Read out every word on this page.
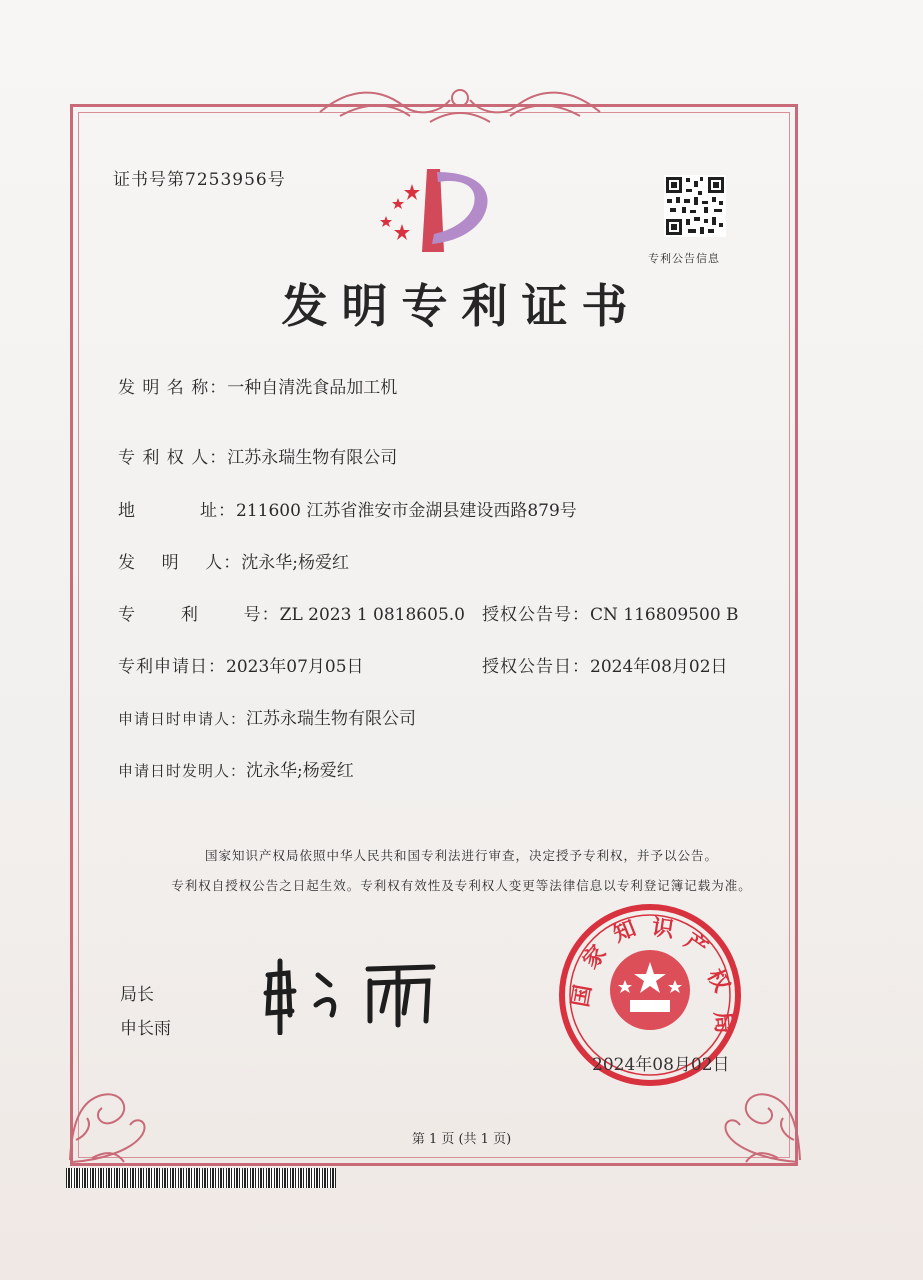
证书号第7253956号
专利公告信息
发明专利证书
发 明 名 称：一种自清洗食品加工机
专 利 权 人：江苏永瑞生物有限公司
地          址：211600 江苏省淮安市金湖县建设西路879号
发    明    人：沈永华;杨爱红
专       利       号：ZL 2023 1 0818605.0 授权公告号：CN 116809500 B
专利申请日：2023年07月05日	授权公告日：2024年08月02日
申请日时申请人：江苏永瑞生物有限公司
申请日时发明人：沈永华;杨爱红
国家知识产权局依照中华人民共和国专利法进行审查，决定授予专利权，并予以公告。
专利权自授权公告之日起生效。专利权有效性及专利权人变更等法律信息以专利登记簿记载为准。
局长
申长雨
国
家
知 识 产
权
局
2024年08月02日
第 1 页 (共 1 页)
